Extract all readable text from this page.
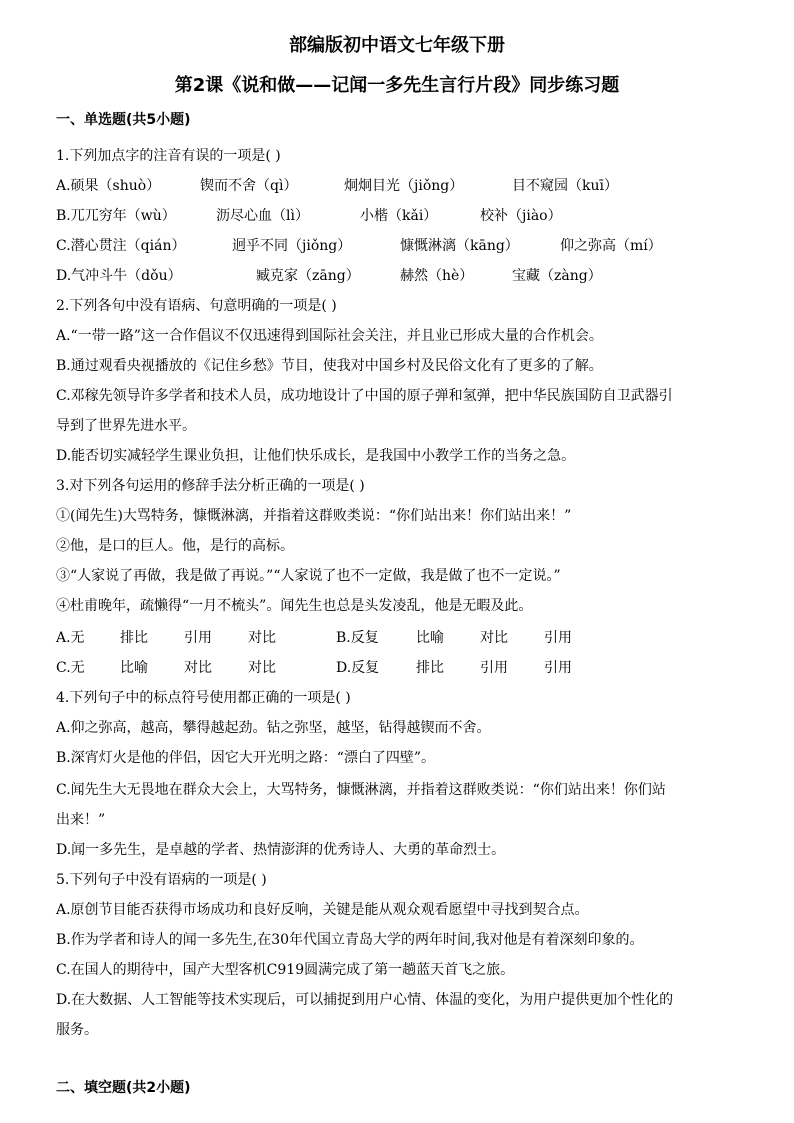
部编版初中语文七年级下册
第2课《说和做——记闻一多先生言行片段》同步练习题
一、单选题(共5小题)
1.下列加点字的注音有误的一项是( )
A.硕果（shuò）	锲而不舍（qì）	炯炯目光（jiǒng）	目不窥园（kuī）
B.兀兀穷年（wù）	沥尽心血（lì）	小楷（kǎi）	校补（jiào）
C.潜心贯注（qián）	迥乎不同（jiǒng）	慷慨淋漓（kāng）	仰之弥高（mí）
D.气冲斗牛（dǒu）	臧克家（zāng）	赫然（hè）	宝藏（zàng）
2.下列各句中没有语病、句意明确的一项是( )
A.“一带一路”这一合作倡议不仅迅速得到国际社会关注，并且业已形成大量的合作机会。
B.通过观看央视播放的《记住乡愁》节目，使我对中国乡村及民俗文化有了更多的了解。
C.邓稼先领导许多学者和技术人员，成功地设计了中国的原子弹和氢弹，把中华民族国防自卫武器引
导到了世界先进水平。
D.能否切实减轻学生课业负担，让他们快乐成长，是我国中小教学工作的当务之急。
3.对下列各句运用的修辞手法分析正确的一项是( )
①(闻先生)大骂特务，慷慨淋漓，并指着这群败类说：“你们站出来！你们站出来！”
②他，是口的巨人。他，是行的高标。
③“人家说了再做，我是做了再说。”“人家说了也不一定做，我是做了也不一定说。”
④杜甫晚年，疏懒得“一月不梳头”。闻先生也总是头发凌乱，他是无暇及此。
A.无	排比	引用	对比	B.反复	比喻	对比	引用
C.无	比喻	对比	对比	D.反复	排比	引用	引用
4.下列句子中的标点符号使用都正确的一项是( )
A.仰之弥高，越高，攀得越起劲。钻之弥坚，越坚，钻得越锲而不舍。
B.深宵灯火是他的伴侣，因它大开光明之路：“漂白了四壁”。
C.闻先生大无畏地在群众大会上，大骂特务，慷慨淋漓，并指着这群败类说：“你们站出来！你们站
出来！”
D.闻一多先生，是卓越的学者、热情澎湃的优秀诗人、大勇的革命烈士。
5.下列句子中没有语病的一项是( )
A.原创节目能否获得市场成功和良好反响，关键是能从观众观看愿望中寻找到契合点。
B.作为学者和诗人的闻一多先生,在30年代国立青岛大学的两年时间,我对他是有着深刻印象的。
C.在国人的期待中，国产大型客机C919圆满完成了第一趟蓝天首飞之旅。
D.在大数据、人工智能等技术实现后，可以捕捉到用户心情、体温的变化，为用户提供更加个性化的
服务。
二、填空题(共2小题)
